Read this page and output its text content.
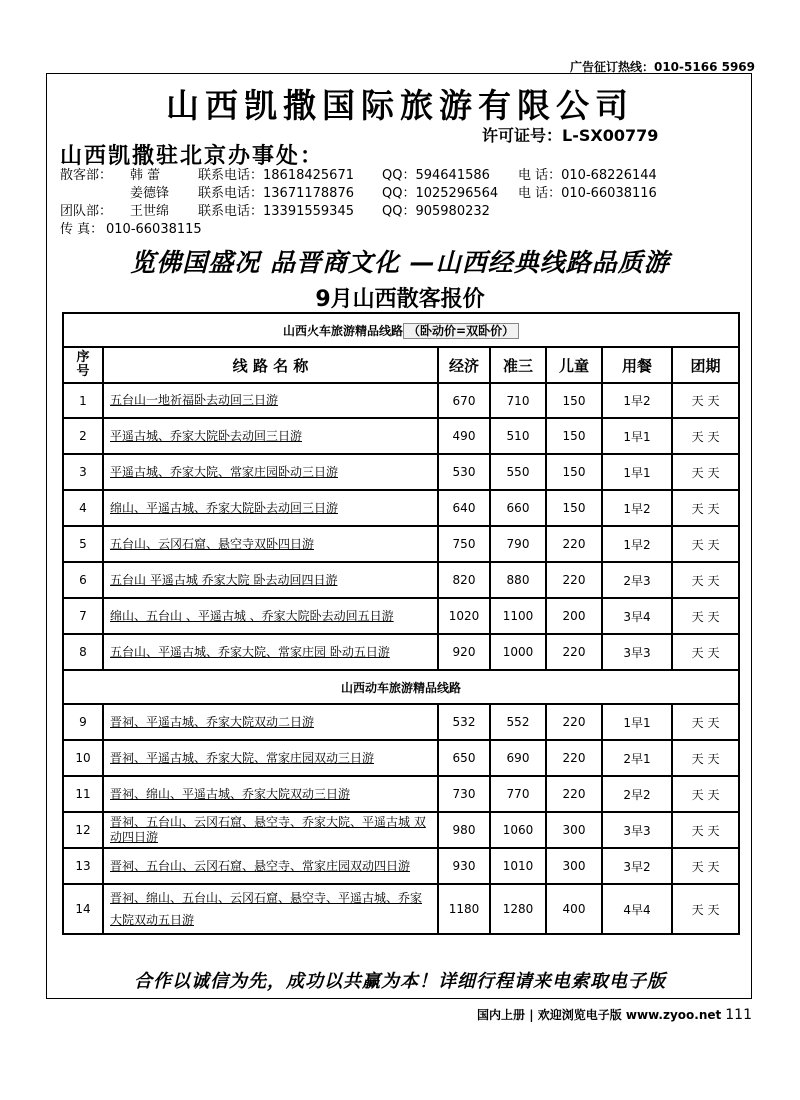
广告征订热线：010-5166 5969
山西凯撒国际旅游有限公司
许可证号：L-SX00779
山西凯撒驻北京办事处：
散客部： 韩 蕾	联系电话：18618425671 QQ：594641586 电 话：010-68226144
姜德锋 联系电话：13671178876 QQ：1025296564 电 话：010-66038116
团队部： 王世绵 联系电话：13391559345 QQ：905980232
传 真： 010-66038115
览佛国盛况 品晋商文化 —山西经典线路品质游
9月山西散客报价
山西火车旅游精品线路 （卧动价=双卧价）						
序号	线 路 名 称	经济	准三	儿童	用餐	团期
1	五台山一地祈福卧去动回三日游	670	710	150	1早2	天 天
2	平遥古城、乔家大院卧去动回三日游	490	510	150	1早1	天 天
3	平遥古城、乔家大院、常家庄园卧动三日游	530	550	150	1早1	天 天
4	绵山、平遥古城、乔家大院卧去动回三日游	640	660	150	1早2	天 天
5	五台山、云冈石窟、悬空寺双卧四日游	750	790	220	1早2	天 天
6	五台山 平遥古城 乔家大院 卧去动回四日游	820	880	220	2早3	天 天
7	绵山、五台山 、平遥古城 、乔家大院卧去动回五日游	1020	1100	200	3早4	天 天
8	五台山、平遥古城、乔家大院、常家庄园 卧动五日游	920	1000	220	3早3	天 天
山西动车旅游精品线路						
9	晋祠、平遥古城、乔家大院双动二日游	532	552	220	1早1	天 天
10	晋祠、平遥古城、乔家大院、常家庄园双动三日游	650	690	220	2早1	天 天
11	晋祠、绵山、平遥古城、乔家大院双动三日游	730	770	220	2早2	天 天
12	晋祠、五台山、云冈石窟、悬空寺、乔家大院、平遥古城 双动四日游	980	1060	300	3早3	天 天
13	晋祠、五台山、云冈石窟、悬空寺、常家庄园双动四日游	930	1010	300	3早2	天 天
14	晋祠、绵山、五台山、云冈石窟、悬空寺、平遥古城、乔家大院双动五日游	1180	1280	400	4早4	天 天
合作以诚信为先，成功以共赢为本！详细行程请来电索取电子版
国内上册 | 欢迎浏览电子版 www.zyoo.net 111
